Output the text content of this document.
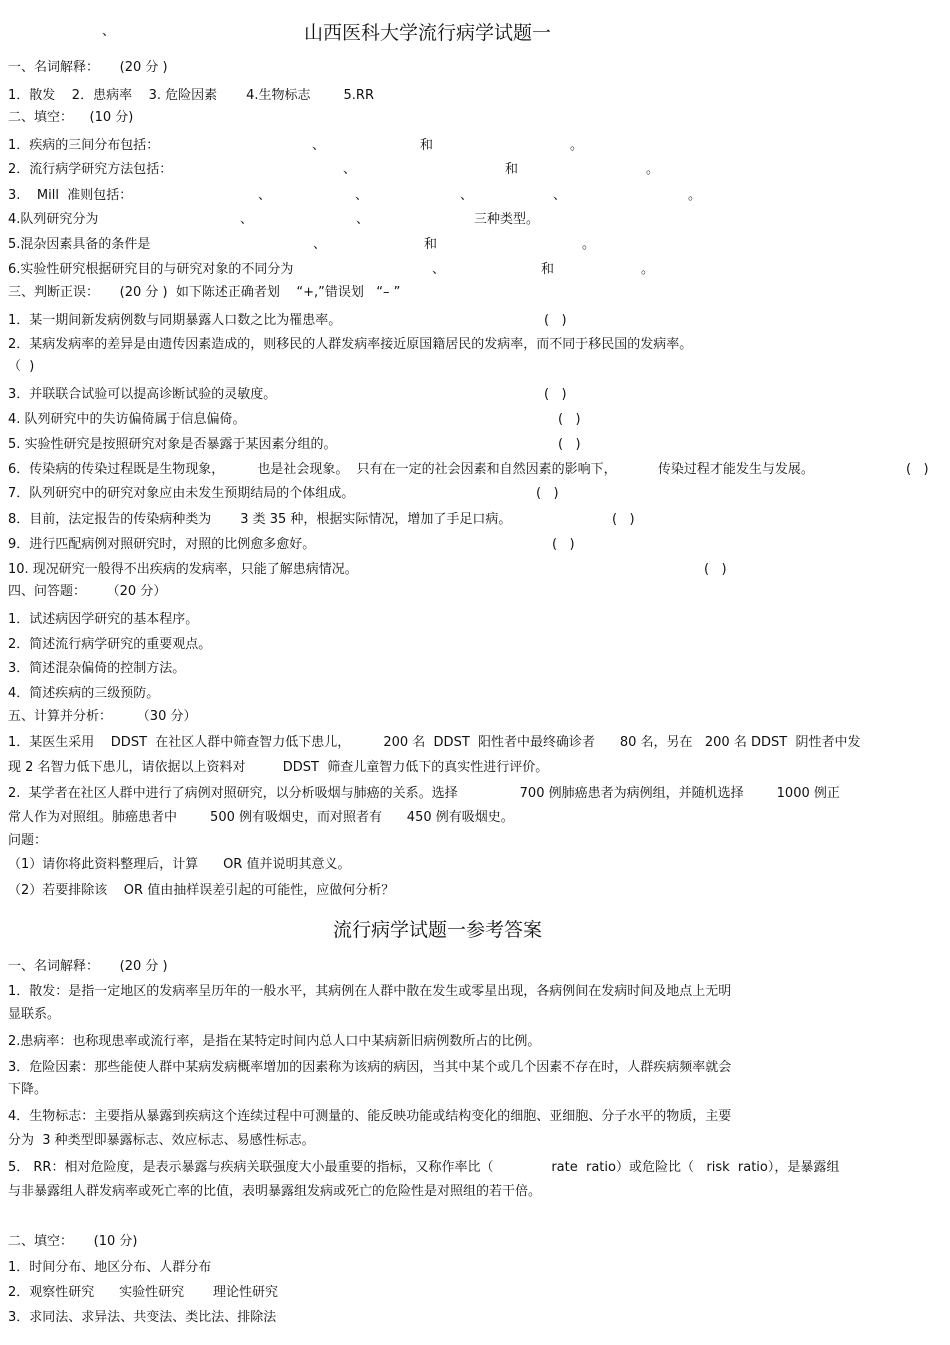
、	山西医科大学流行病学试题一
一、名词解释：     (20 分 )
1．散发    2．患病率    3. 危险因素       4.生物标志        5.RR
二、填空：    (10 分)
1．疾病的三间分布包括：	、	和	。
2．流行病学研究方法包括：	、	和	。
3.    Mill  准则包括：	、	、	、	、	。
4.队列研究分为	、	、	三种类型。
5.混杂因素具备的条件是	、	和	。
6.实验性研究根据研究目的与研究对象的不同分为	、	和	。
三、判断正误：     (20 分 )  如下陈述正确者划    “+,”错误划   “– ”
1．某一期间新发病例数与同期暴露人口数之比为罹患率。	(   )
2．某病发病率的差异是由遗传因素造成的，则移民的人群发病率接近原国籍居民的发病率，而不同于移民国的发病率。
（  )
3．并联联合试验可以提高诊断试验的灵敏度。	(   )
4. 队列研究中的失访偏倚属于信息偏倚。	(   )
5. 实验性研究是按照研究对象是否暴露于某因素分组的。	(   )
6．传染病的传染过程既是生物现象，        也是社会现象。  只有在一定的社会因素和自然因素的影响下，          传染过程才能发生与发展。	(   )
7．队列研究中的研究对象应由未发生预期结局的个体组成。	(   )
8．目前，法定报告的传染病种类为       3 类 35 种，根据实际情况，增加了手足口病。	(   )
9．进行匹配病例对照研究时，对照的比例愈多愈好。	(   )
10. 现况研究一般得不出疾病的发病率，只能了解患病情况。	(   )
四、问答题：     （20 分）
1．试述病因学研究的基本程序。
2．简述流行病学研究的重要观点。
3．简述混杂偏倚的控制方法。
4．简述疾病的三级预防。
五、计算并分析：      （30 分）
1．某医生采用    DDST  在社区人群中筛查智力低下患儿，        200 名  DDST  阳性者中最终确诊者      80 名，另在   200 名 DDST  阴性者中发
现 2 名智力低下患儿，请依据以上资料对         DDST  筛查儿童智力低下的真实性进行评价。
2.  某学者在社区人群中进行了病例对照研究，以分析吸烟与肺癌的关系。选择               700 例肺癌患者为病例组，并随机选择        1000 例正
常人作为对照组。肺癌患者中        500 例有吸烟史，而对照者有      450 例有吸烟史。
问题：
（1）请你将此资料整理后，计算      OR 值并说明其意义。
（2）若要排除该    OR 值由抽样误差引起的可能性，应做何分析？
流行病学试题一参考答案
一、名词解释：     (20 分 )
1．散发：是指一定地区的发病率呈历年的一般水平，其病例在人群中散在发生或零星出现，各病例间在发病时间及地点上无明
显联系。
2.患病率：也称现患率或流行率，是指在某特定时间内总人口中某病新旧病例数所占的比例。
3．危险因素：那些能使人群中某病发病概率增加的因素称为该病的病因，当其中某个或几个因素不存在时，人群疾病频率就会
下降。
4．生物标志：主要指从暴露到疾病这个连续过程中可测量的、能反映功能或结构变化的细胞、亚细胞、分子水平的物质，主要
分为  3 种类型即暴露标志、效应标志、易感性标志。
5． RR：相对危险度，是表示暴露与疾病关联强度大小最重要的指标，又称作率比（              rate  ratio）或危险比（   risk  ratio），是暴露组
与非暴露组人群发病率或死亡率的比值，表明暴露组发病或死亡的危险性是对照组的若干倍。
二、填空：     (10 分)
1．时间分布、地区分布、人群分布
2．观察性研究      实验性研究       理论性研究
3．求同法、求异法、共变法、类比法、排除法
